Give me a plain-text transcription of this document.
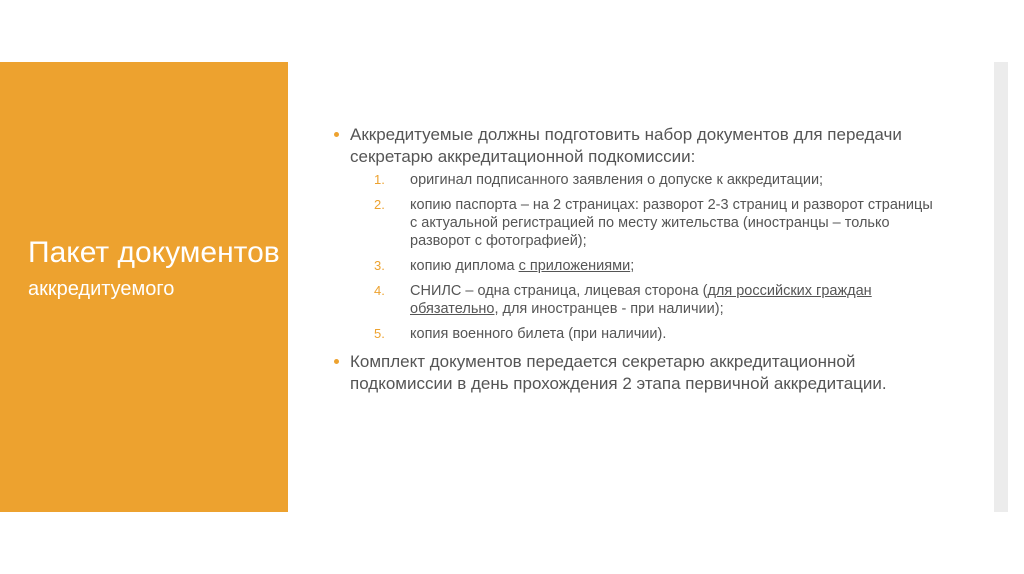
Пакет документов
аккредитуемого
Аккредитуемые должны подготовить набор документов для передачи секретарю аккредитационной подкомиссии:
1. оригинал подписанного заявления о допуске к аккредитации;
2. копию паспорта – на 2 страницах: разворот 2-3 страниц и разворот страницы с актуальной регистрацией по месту жительства (иностранцы – только разворот с фотографией);
3. копию диплома с приложениями;
4. СНИЛС – одна страница, лицевая сторона (для российских граждан обязательно, для иностранцев - при наличии);
5. копия военного билета (при наличии).
Комплект документов передается секретарю аккредитационной подкомиссии в день прохождения 2 этапа первичной аккредитации.
